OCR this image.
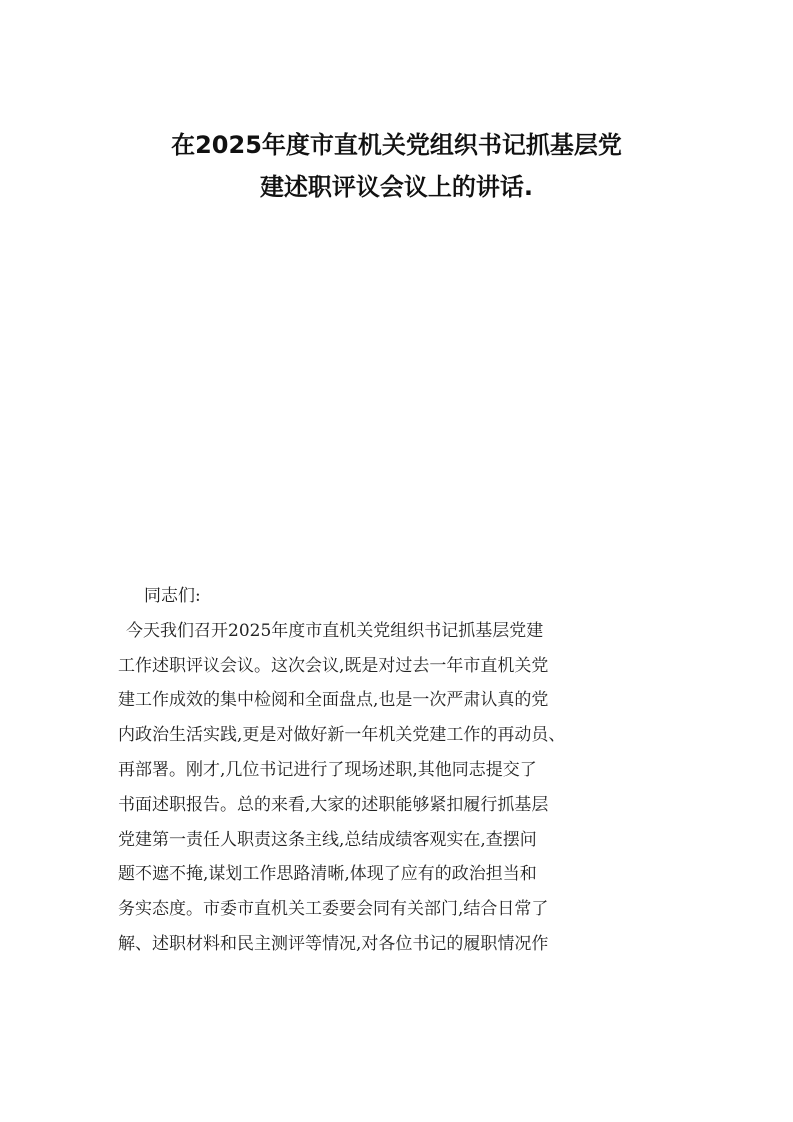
在2025年度市直机关党组织书记抓基层党
建述职评议会议上的讲话.
同志们:
今天我们召开2025年度市直机关党组织书记抓基层党建
工作述职评议会议。这次会议,既是对过去一年市直机关党
建工作成效的集中检阅和全面盘点,也是一次严肃认真的党
内政治生活实践,更是对做好新一年机关党建工作的再动员、
再部署。刚才,几位书记进行了现场述职,其他同志提交了
书面述职报告。总的来看,大家的述职能够紧扣履行抓基层
党建第一责任人职责这条主线,总结成绩客观实在,查摆问
题不遮不掩,谋划工作思路清晰,体现了应有的政治担当和
务实态度。市委市直机关工委要会同有关部门,结合日常了
解、述职材料和民主测评等情况,对各位书记的履职情况作
